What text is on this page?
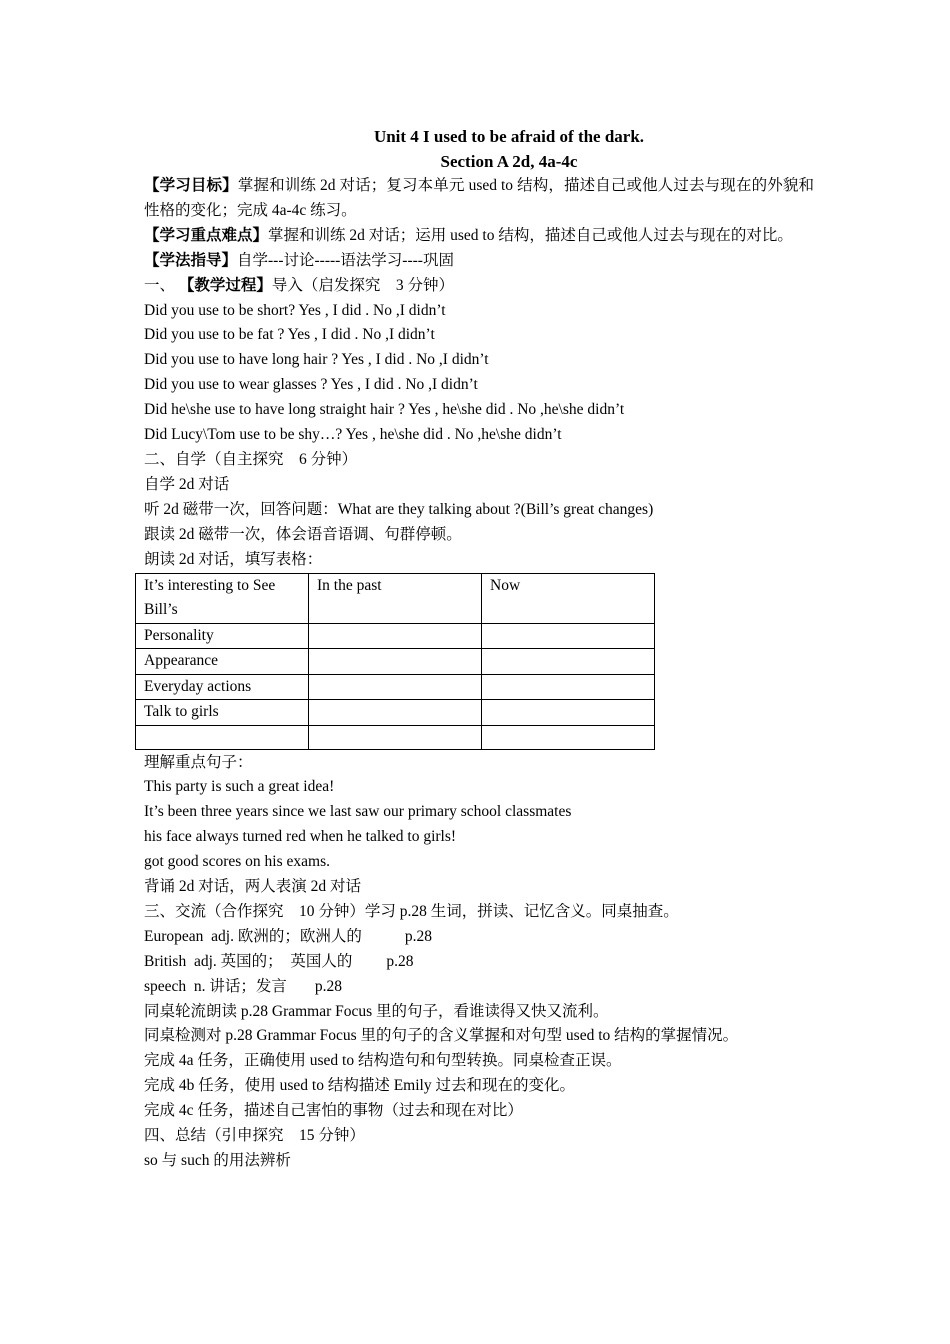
Unit 4 I used to be afraid of the dark.
Section A 2d, 4a-4c
【学习目标】掌握和训练 2d 对话；复习本单元 used to 结构，描述自己或他人过去与现在的外貌和性格的变化；完成 4a-4c 练习。
【学习重点难点】掌握和训练 2d 对话；运用 used to 结构，描述自己或他人过去与现在的对比。
【学法指导】自学---讨论-----语法学习----巩固
一、 【教学过程】导入（启发探究　3 分钟）
Did you use to be short? Yes , I did . No ,I didn’t
Did you use to be fat ? Yes , I did . No ,I didn’t
Did you use to have long hair ? Yes , I did . No ,I didn’t
Did you use to wear glasses ? Yes , I did . No ,I didn’t
Did he\she use to have long straight hair ? Yes , he\she did . No ,he\she didn’t
Did Lucy\Tom use to be shy…? Yes , he\she did . No ,he\she didn’t
二、自学（自主探究　6 分钟）
自学 2d 对话
听 2d 磁带一次，回答问题：What are they talking about ?(Bill’s great changes)
跟读 2d 磁带一次，体会语音语调、句群停顿。
朗读 2d 对话，填写表格：
It’s interesting to See Bill’s	In the past	Now
Personality		
Appearance		
Everyday actions		
Talk to girls		

理解重点句子：
This party is such a great idea!
It’s been three years since we last saw our primary school classmates
his face always turned red when he talked to girls!
got good scores on his exams.
背诵 2d 对话，两人表演 2d 对话
三、交流（合作探究　10 分钟）学习 p.28 生词，拼读、记忆含义。同桌抽查。
European  adj. 欧洲的；欧洲人的	p.28
British  adj. 英国的；  英国人的 p.28
speech  n. 讲话；发言 p.28
同桌轮流朗读 p.28 Grammar Focus 里的句子，看谁读得又快又流利。
同桌检测对 p.28 Grammar Focus 里的句子的含义掌握和对句型 used to 结构的掌握情况。
完成 4a 任务，正确使用 used to 结构造句和句型转换。同桌检查正误。
完成 4b 任务，使用 used to 结构描述 Emily 过去和现在的变化。
完成 4c 任务，描述自己害怕的事物（过去和现在对比）
四、总结（引申探究　15 分钟）
so 与 such 的用法辨析
